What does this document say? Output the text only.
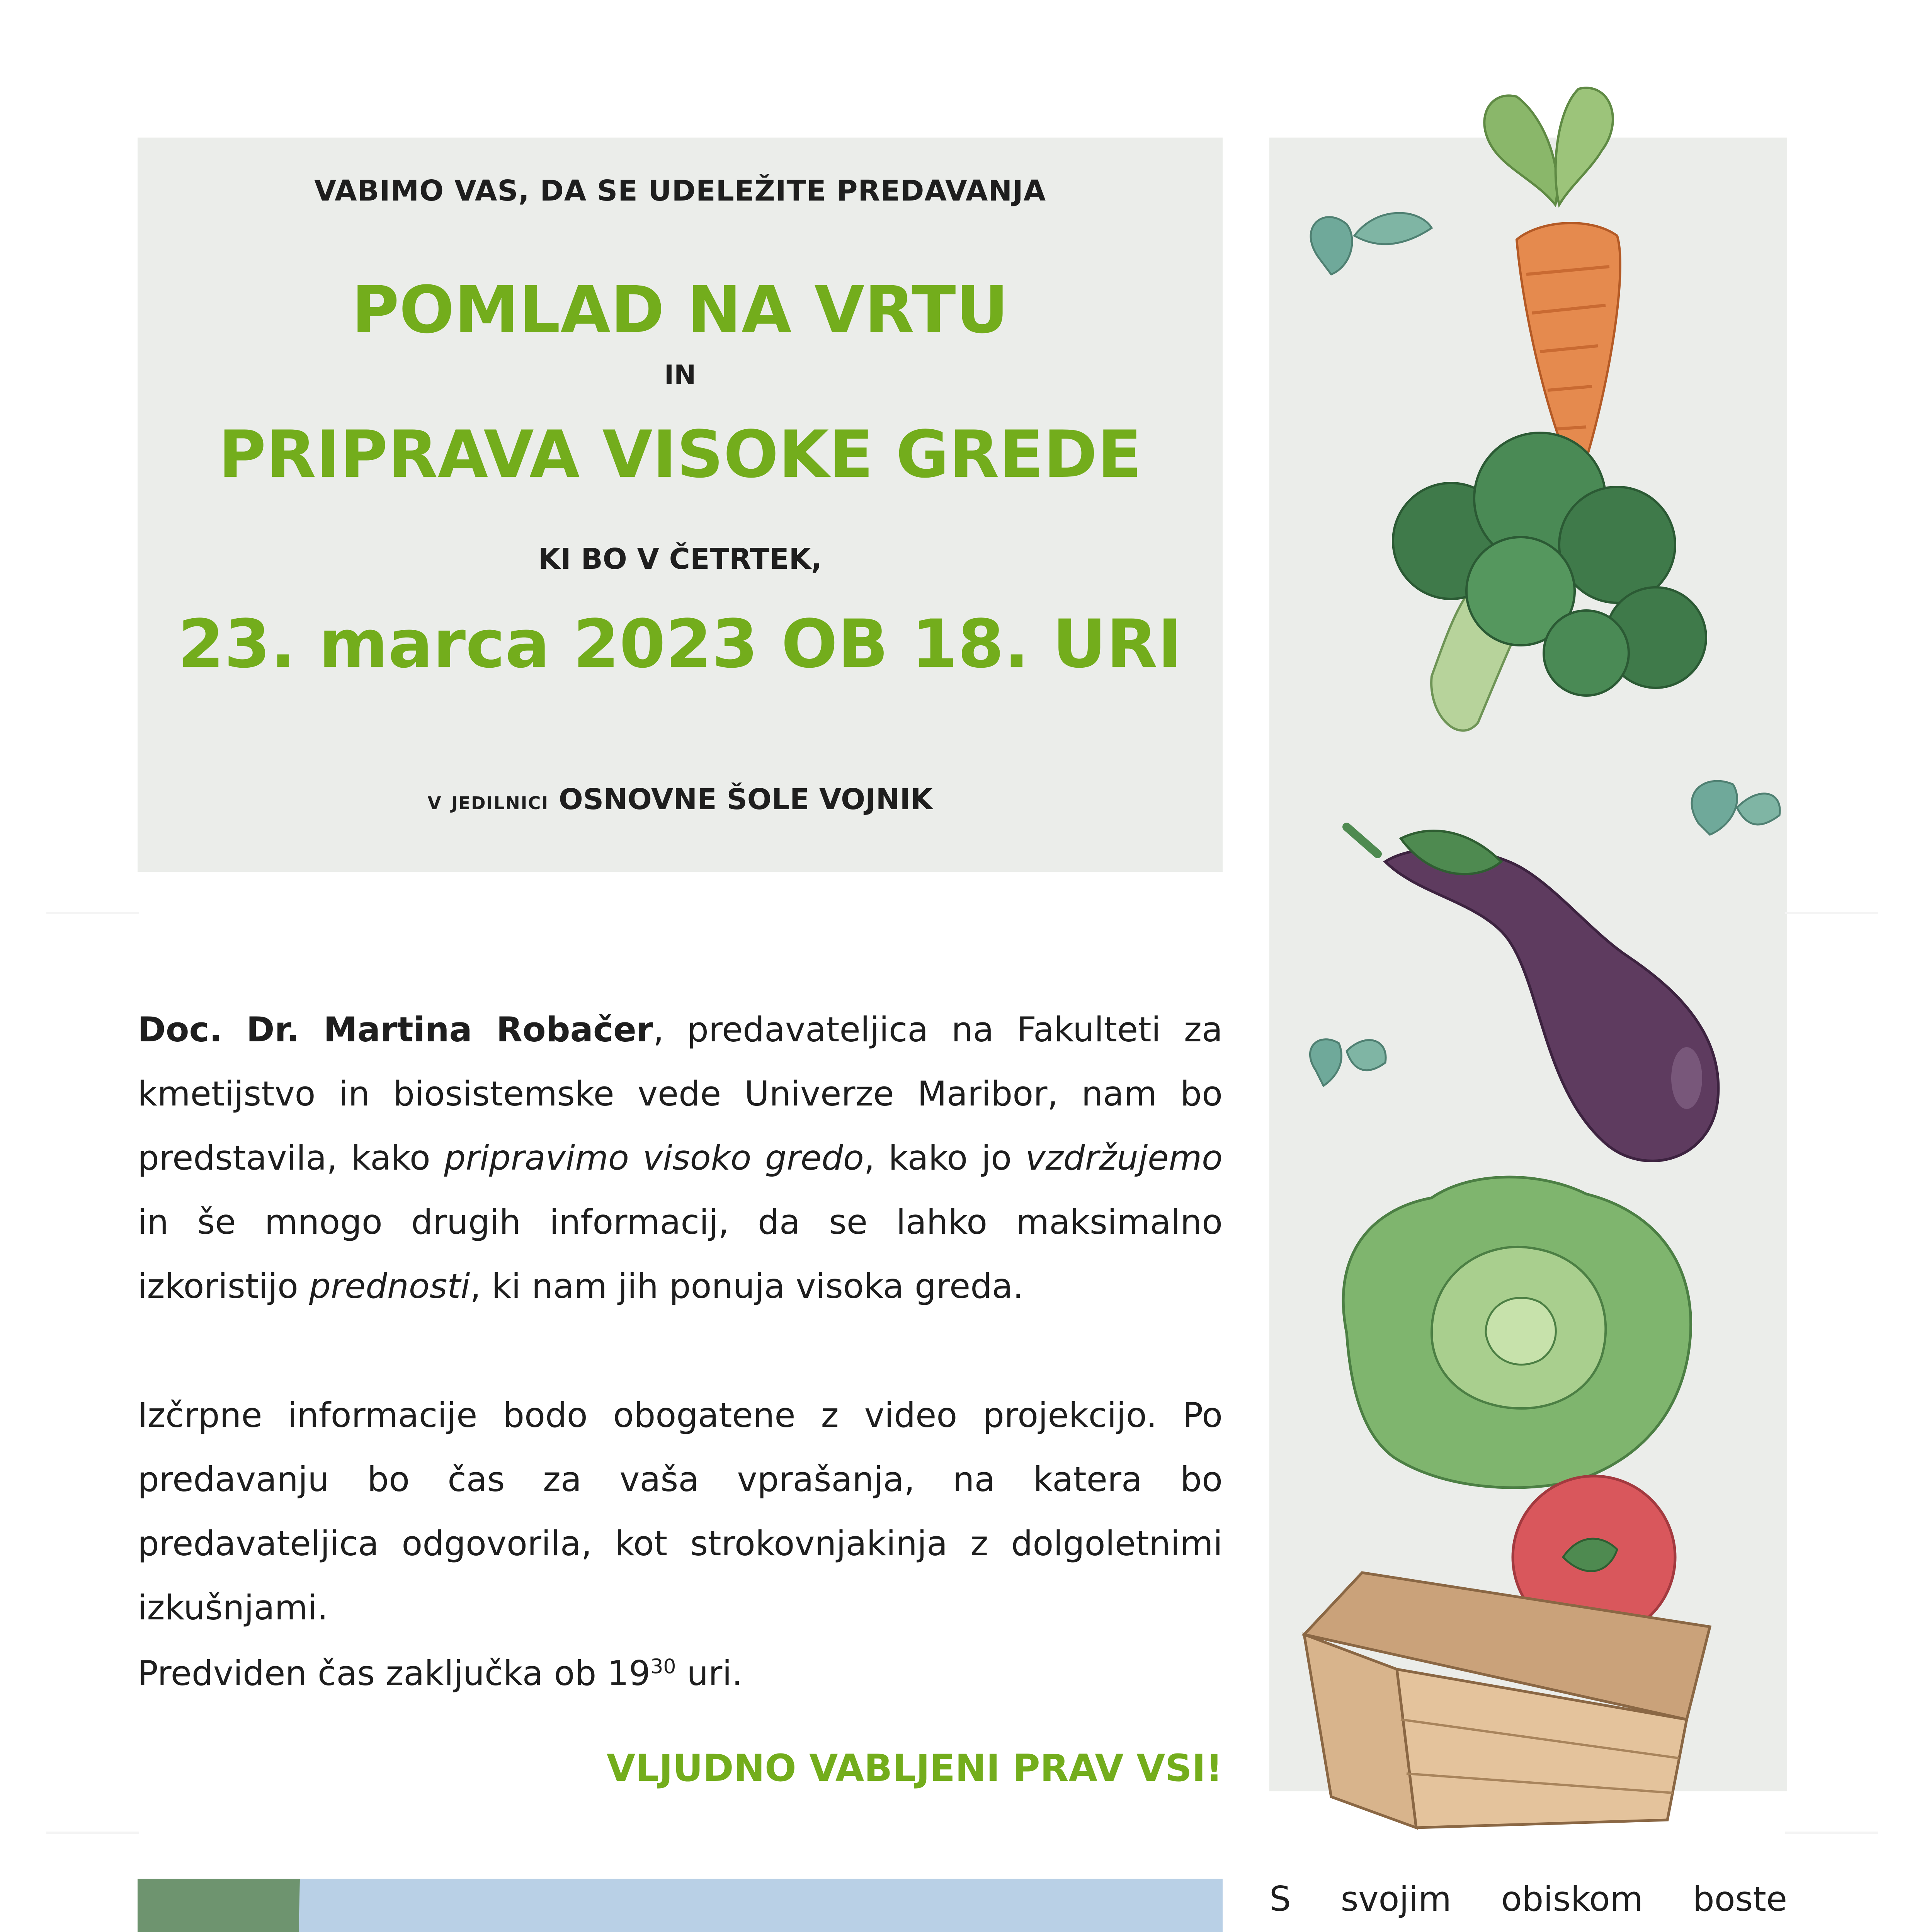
VABIMO VAS, DA SE UDELEŽITE PREDAVANJA
POMLAD NA VRTU
IN
PRIPRAVA VISOKE GREDE
KI BO V ČETRTEK,
23. marca 2023 OB 18. URI
v jedilnici OSNOVNE ŠOLE VOJNIK
Doc. Dr. Martina Robačer, predavateljica na Fakulteti za kmetijstvo in biosistemske vede Univerze Maribor, nam bo predstavila, kako pripravimo visoko gredo, kako jo vzdržujemo in še mnogo drugih informacij, da se lahko maksimalno izkoristijo prednosti, ki nam jih ponuja visoka greda.
Izčrpne informacije bodo obogatene z video projekcijo. Po predavanju bo čas za vaša vprašanja, na katera bo predavateljica odgovorila, kot strokovnjakinja z dolgoletnimi izkušnjami.
Predviden čas zaključka ob $19^{30}$ uri.
VLJUDNO VABLJENI PRAV VSI!
S svojim obiskom boste
